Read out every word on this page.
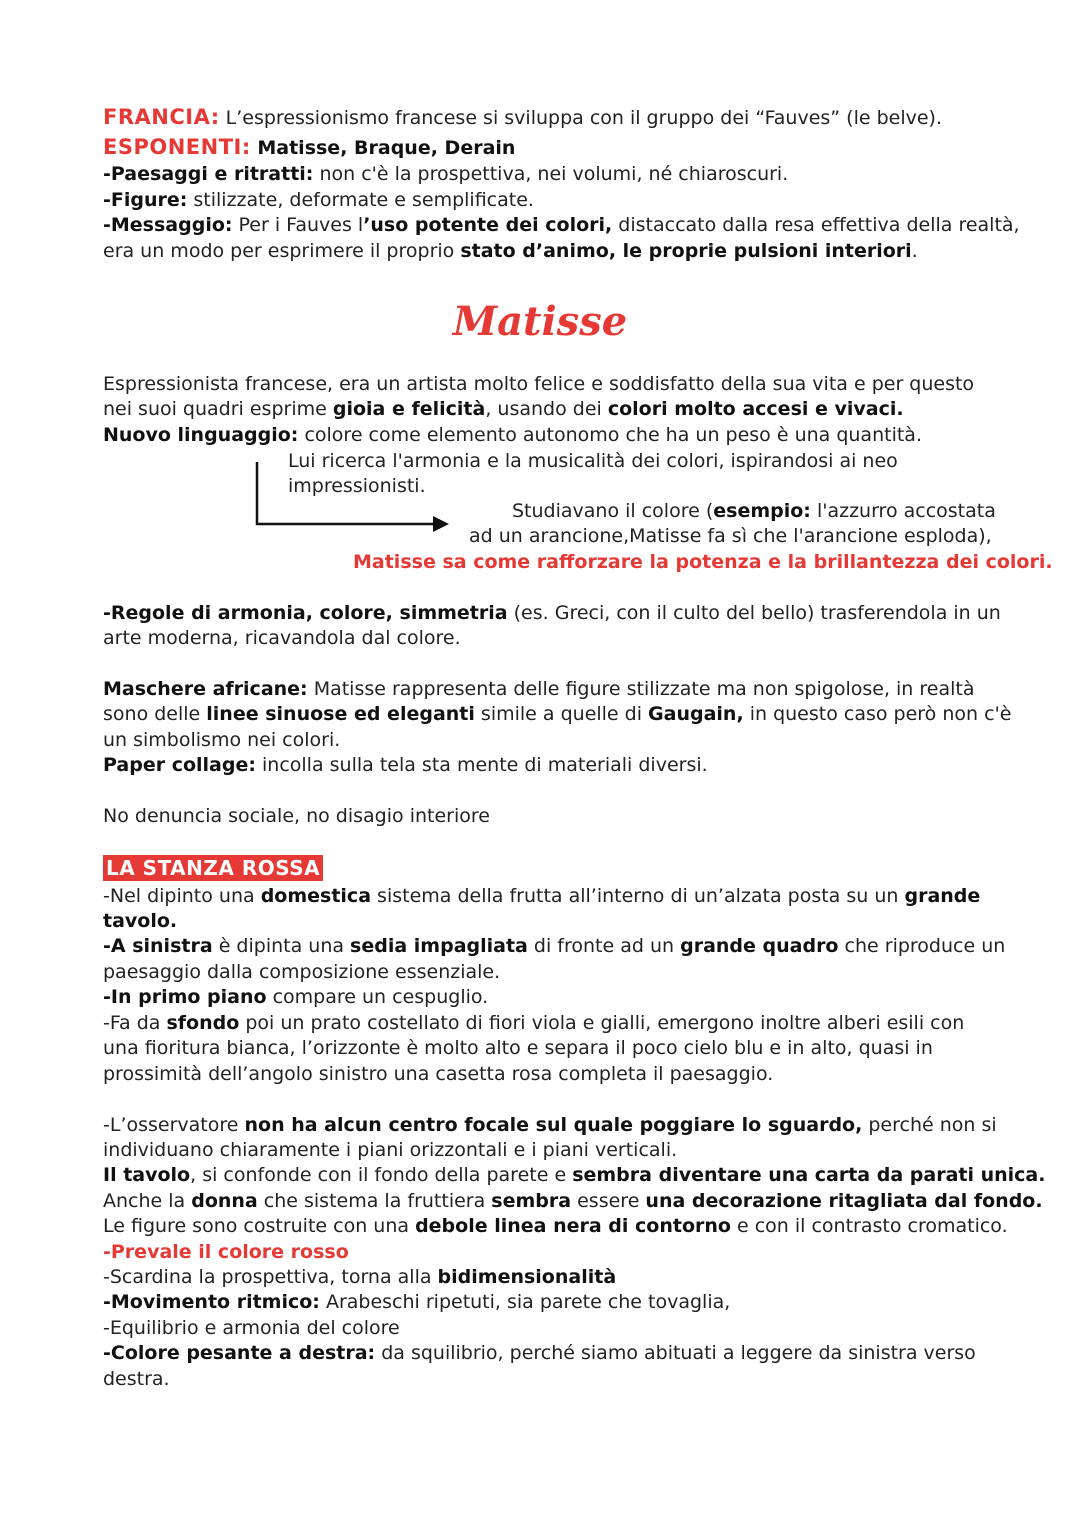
FRANCIA: L’espressionismo francese si sviluppa con il gruppo dei “Fauves” (le belve).
ESPONENTI: Matisse, Braque, Derain
-Paesaggi e ritratti: non c'è la prospettiva, nei volumi, né chiaroscuri.
-Figure: stilizzate, deformate e semplificate.
-Messaggio: Per i Fauves l’uso potente dei colori, distaccato dalla resa effettiva della realtà,
era un modo per esprimere il proprio stato d’animo, le proprie pulsioni interiori.
Matisse
Espressionista francese, era un artista molto felice e soddisfatto della sua vita e per questo
nei suoi quadri esprime gioia e felicità, usando dei colori molto accesi e vivaci.
Nuovo linguaggio: colore come elemento autonomo che ha un peso è una quantità.
Lui ricerca l'armonia e la musicalità dei colori, ispirandosi ai neo
impressionisti.
Studiavano il colore (esempio: l'azzurro accostata
ad un arancione,Matisse fa sì che l'arancione esploda),
Matisse sa come rafforzare la potenza e la brillantezza dei colori.
-Regole di armonia, colore, simmetria (es. Greci, con il culto del bello) trasferendola in un
arte moderna, ricavandola dal colore.
Maschere africane: Matisse rappresenta delle figure stilizzate ma non spigolose, in realtà
sono delle linee sinuose ed eleganti simile a quelle di Gaugain, in questo caso però non c'è
un simbolismo nei colori.
Paper collage: incolla sulla tela sta mente di materiali diversi.
No denuncia sociale, no disagio interiore
LA STANZA ROSSA
-Nel dipinto una domestica sistema della frutta all’interno di un’alzata posta su un grande
tavolo.
-A sinistra è dipinta una sedia impagliata di fronte ad un grande quadro che riproduce un
paesaggio dalla composizione essenziale.
-In primo piano compare un cespuglio.
-Fa da sfondo poi un prato costellato di fiori viola e gialli, emergono inoltre alberi esili con
una fioritura bianca, l’orizzonte è molto alto e separa il poco cielo blu e in alto, quasi in
prossimità dell’angolo sinistro una casetta rosa completa il paesaggio.
-L’osservatore non ha alcun centro focale sul quale poggiare lo sguardo, perché non si
individuano chiaramente i piani orizzontali e i piani verticali.
Il tavolo, si confonde con il fondo della parete e sembra diventare una carta da parati unica.
Anche la donna che sistema la fruttiera sembra essere una decorazione ritagliata dal fondo.
Le figure sono costruite con una debole linea nera di contorno e con il contrasto cromatico.
-Prevale il colore rosso
-Scardina la prospettiva, torna alla bidimensionalità
-Movimento ritmico: Arabeschi ripetuti, sia parete che tovaglia,
-Equilibrio e armonia del colore
-Colore pesante a destra: da squilibrio, perché siamo abituati a leggere da sinistra verso
destra.
